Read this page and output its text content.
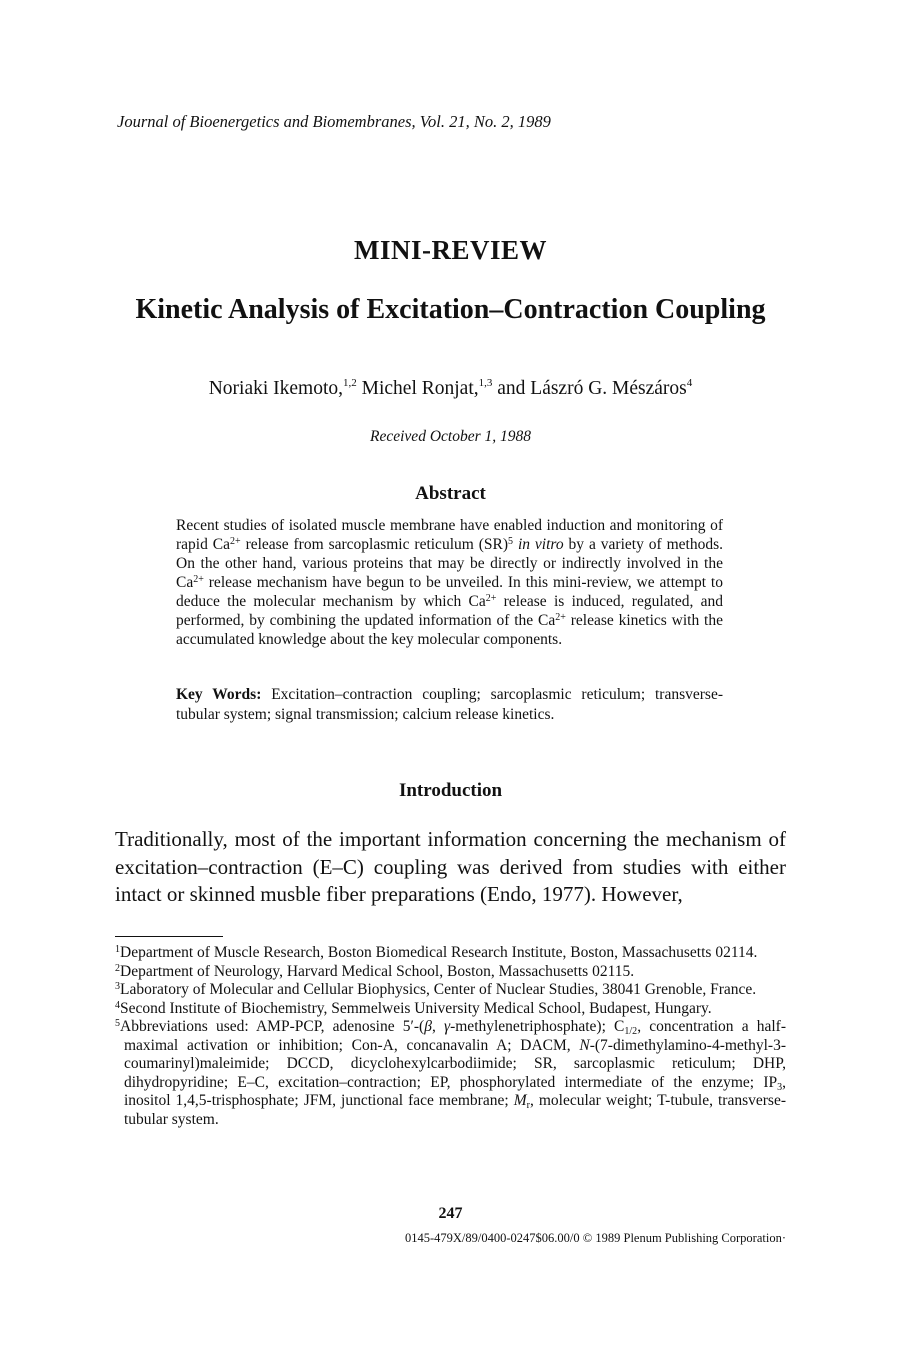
Journal of Bioenergetics and Biomembranes, Vol. 21, No. 2, 1989
MINI-REVIEW
Kinetic Analysis of Excitation–Contraction Coupling
Noriaki Ikemoto,$^{1,2}$ Michel Ronjat,$^{1,3}$ and Lászró G. Mészáros$^4$
Received October 1, 1988
Abstract
Recent studies of isolated muscle membrane have enabled induction and monitoring of rapid $Ca^{2+}$ release from sarcoplasmic reticulum (SR)$^5$ in vitro by a variety of methods. On the other hand, various proteins that may be directly or indirectly involved in the $Ca^{2+}$ release mechanism have begun to be unveiled. In this mini-review, we attempt to deduce the molecular mechanism by which $Ca^{2+}$ release is induced, regulated, and performed, by combining the updated information of the $Ca^{2+}$ release kinetics with the accumulated knowledge about the key molecular components.
Key Words: Excitation–contraction coupling; sarcoplasmic reticulum; transverse-tubular system; signal transmission; calcium release kinetics.
Introduction
Traditionally, most of the important information concerning the mechanism of excitation–contraction (E–C) coupling was derived from studies with either intact or skinned musble fiber preparations (Endo, 1977). However,
$^1$Department of Muscle Research, Boston Biomedical Research Institute, Boston, Massachusetts 02114.
$^2$Department of Neurology, Harvard Medical School, Boston, Massachusetts 02115.
$^3$Laboratory of Molecular and Cellular Biophysics, Center of Nuclear Studies, 38041 Grenoble, France.
$^4$Second Institute of Biochemistry, Semmelweis University Medical School, Budapest, Hungary.
$^5$Abbreviations used: AMP-PCP, adenosine 5′-(β, γ-methylenetriphosphate); $C_{1/2}$, concentration a half-maximal activation or inhibition; Con-A, concanavalin A; DACM, N-(7-dimethylamino-4-methyl-3-coumarinyl)maleimide; DCCD, dicyclohexylcarbodiimide; SR, sarcoplasmic reticulum; DHP, dihydropyridine; E–C, excitation–contraction; EP, phosphorylated intermediate of the enzyme; $IP_3$, inositol 1,4,5-trisphosphate; JFM, junctional face membrane; $M_r$, molecular weight; T-tubule, transverse-tubular system.
247
0145-479X/89/0400-0247$06.00/0 © 1989 Plenum Publishing Corporation·
